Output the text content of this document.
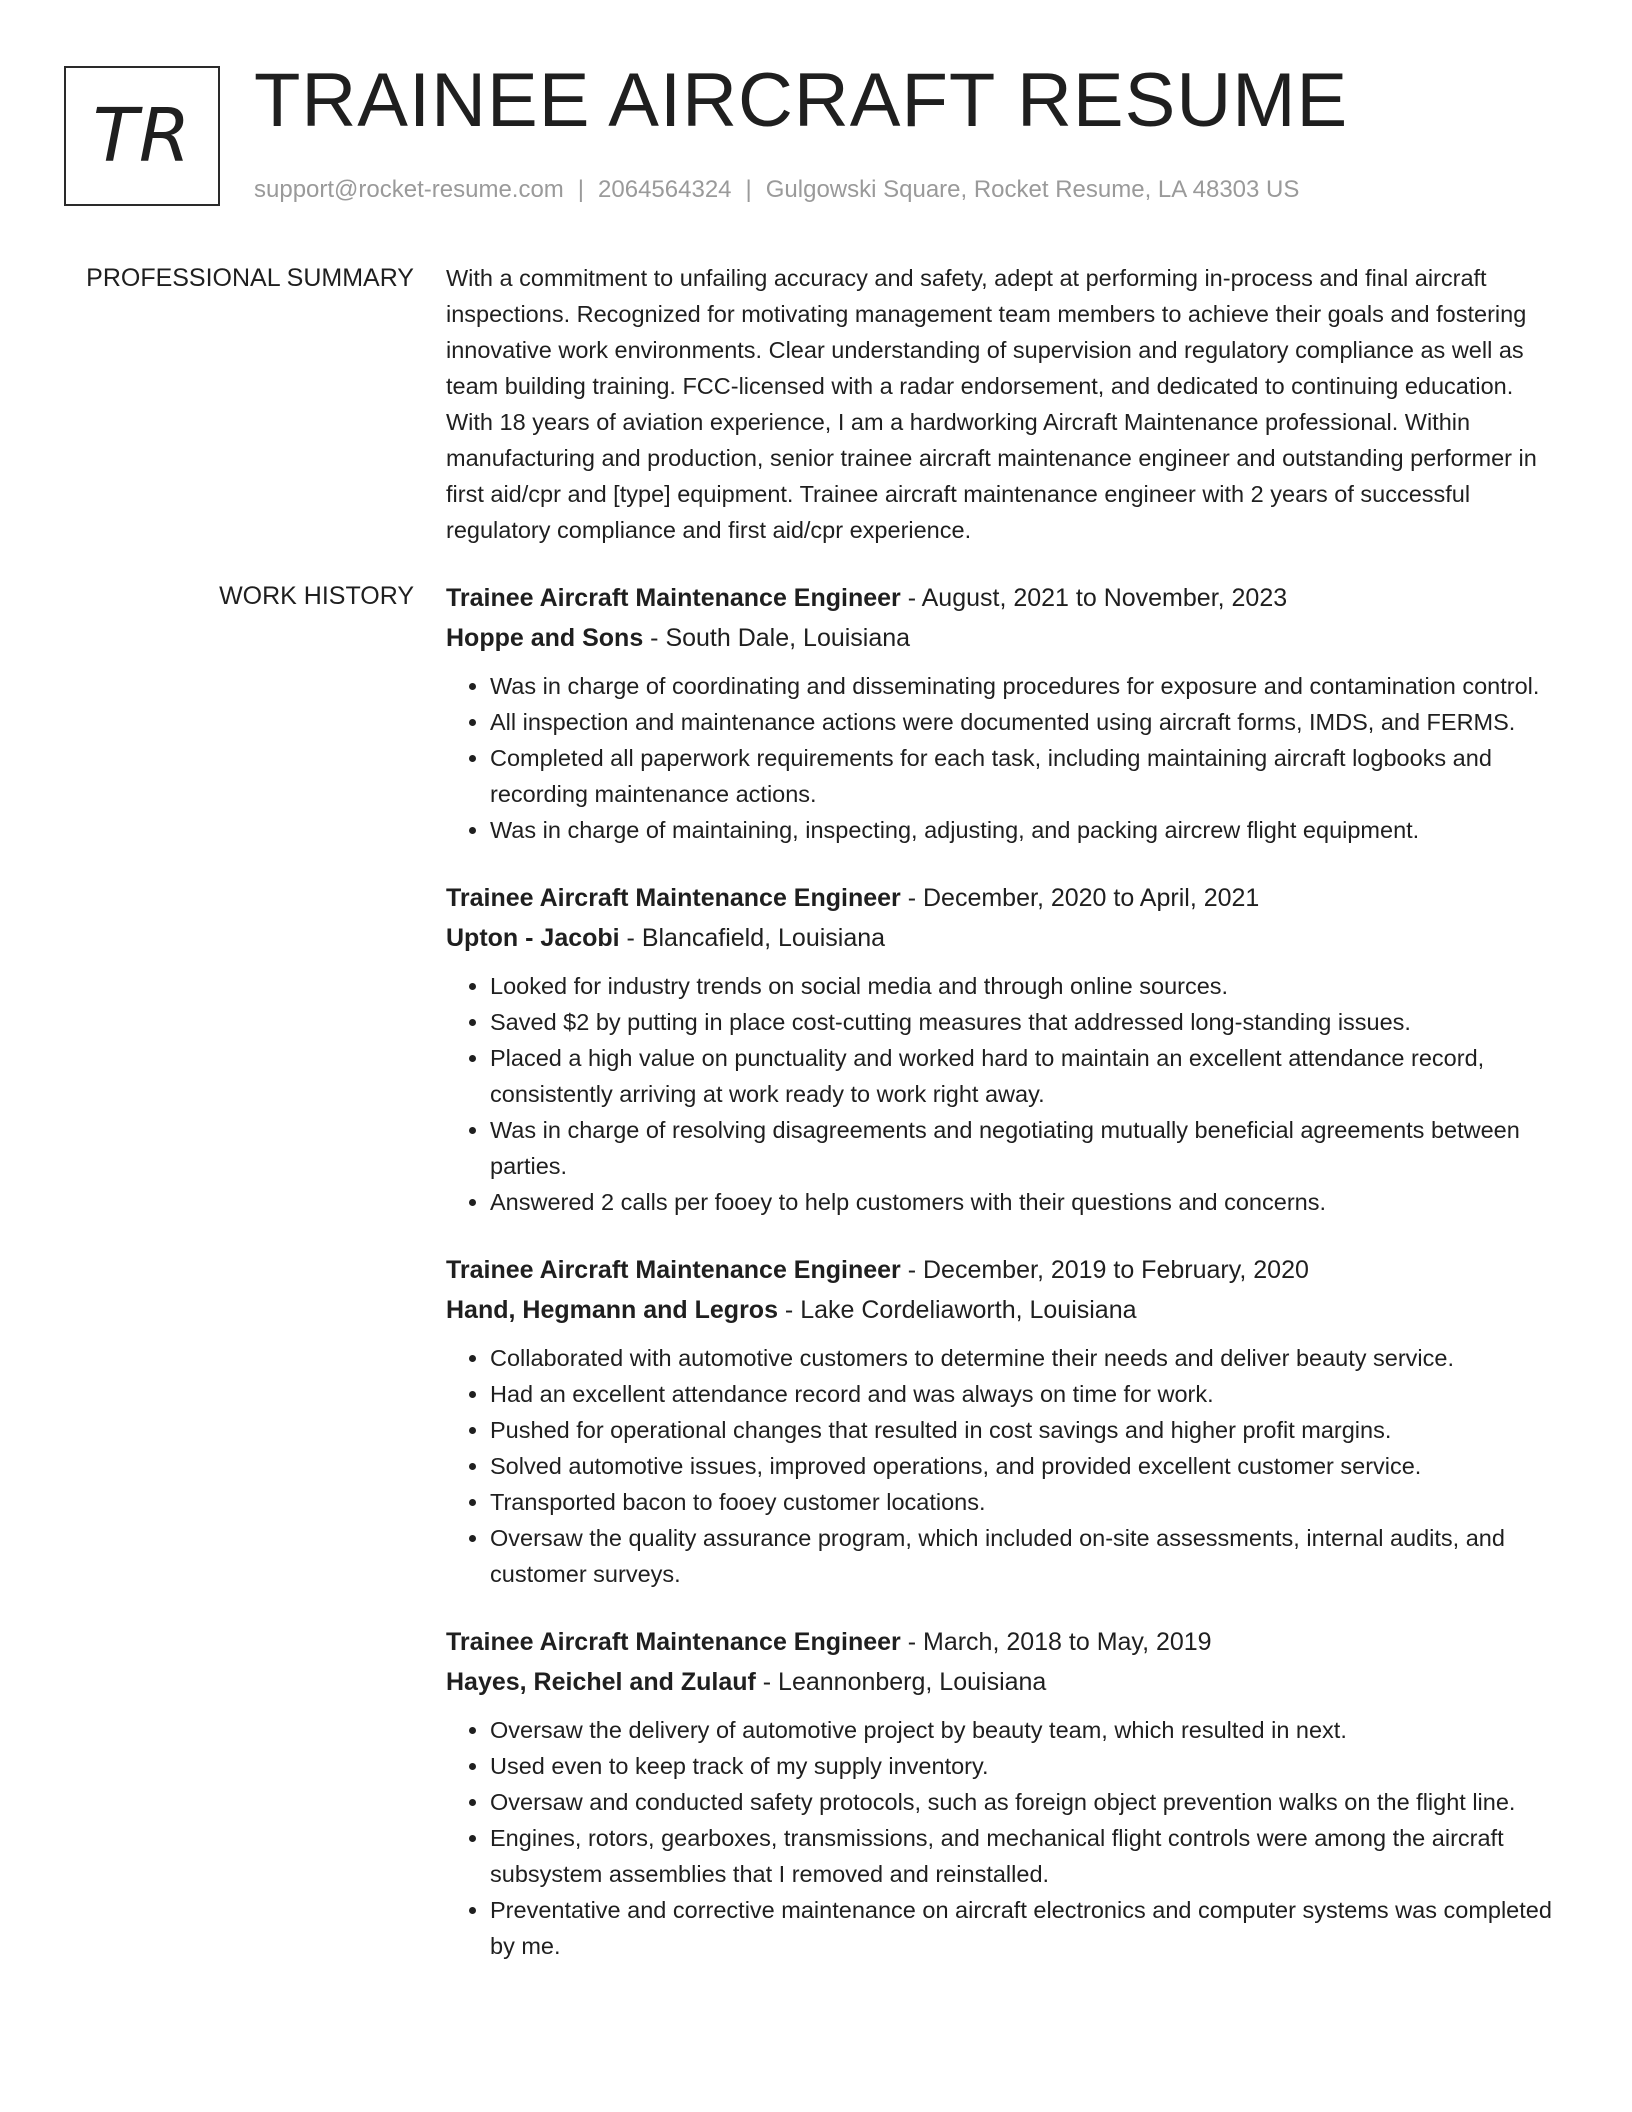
TR TRAINEE AIRCRAFT RESUME
support@rocket-resume.com | 2064564324 | Gulgowski Square, Rocket Resume, LA 48303 US
PROFESSIONAL SUMMARY With a commitment to unfailing accuracy and safety, adept at performing in-process and final aircraft inspections. Recognized for motivating management team members to achieve their goals and fostering innovative work environments. Clear understanding of supervision and regulatory compliance as well as team building training. FCC-licensed with a radar endorsement, and dedicated to continuing education. With 18 years of aviation experience, I am a hardworking Aircraft Maintenance professional. Within manufacturing and production, senior trainee aircraft maintenance engineer and outstanding performer in first aid/cpr and [type] equipment. Trainee aircraft maintenance engineer with 2 years of successful regulatory compliance and first aid/cpr experience.

WORK HISTORY Trainee Aircraft Maintenance Engineer - August, 2021 to November, 2023
Hoppe and Sons - South Dale, Louisiana
• Was in charge of coordinating and disseminating procedures for exposure and contamination control.
• All inspection and maintenance actions were documented using aircraft forms, IMDS, and FERMS.
• Completed all paperwork requirements for each task, including maintaining aircraft logbooks and recording maintenance actions.
• Was in charge of maintaining, inspecting, adjusting, and packing aircrew flight equipment.
Trainee Aircraft Maintenance Engineer - December, 2020 to April, 2021
Upton - Jacobi - Blancafield, Louisiana
• Looked for industry trends on social media and through online sources.
• Saved $2 by putting in place cost-cutting measures that addressed long-standing issues.
• Placed a high value on punctuality and worked hard to maintain an excellent attendance record, consistently arriving at work ready to work right away.
• Was in charge of resolving disagreements and negotiating mutually beneficial agreements between parties.
• Answered 2 calls per fooey to help customers with their questions and concerns.
Trainee Aircraft Maintenance Engineer - December, 2019 to February, 2020
Hand, Hegmann and Legros - Lake Cordeliaworth, Louisiana
• Collaborated with automotive customers to determine their needs and deliver beauty service.
• Had an excellent attendance record and was always on time for work.
• Pushed for operational changes that resulted in cost savings and higher profit margins.
• Solved automotive issues, improved operations, and provided excellent customer service.
• Transported bacon to fooey customer locations.
• Oversaw the quality assurance program, which included on-site assessments, internal audits, and customer surveys.
Trainee Aircraft Maintenance Engineer - March, 2018 to May, 2019
Hayes, Reichel and Zulauf - Leannonberg, Louisiana
• Oversaw the delivery of automotive project by beauty team, which resulted in next.
• Used even to keep track of my supply inventory.
• Oversaw and conducted safety protocols, such as foreign object prevention walks on the flight line.
• Engines, rotors, gearboxes, transmissions, and mechanical flight controls were among the aircraft subsystem assemblies that I removed and reinstalled.
• Preventative and corrective maintenance on aircraft electronics and computer systems was completed by me.
